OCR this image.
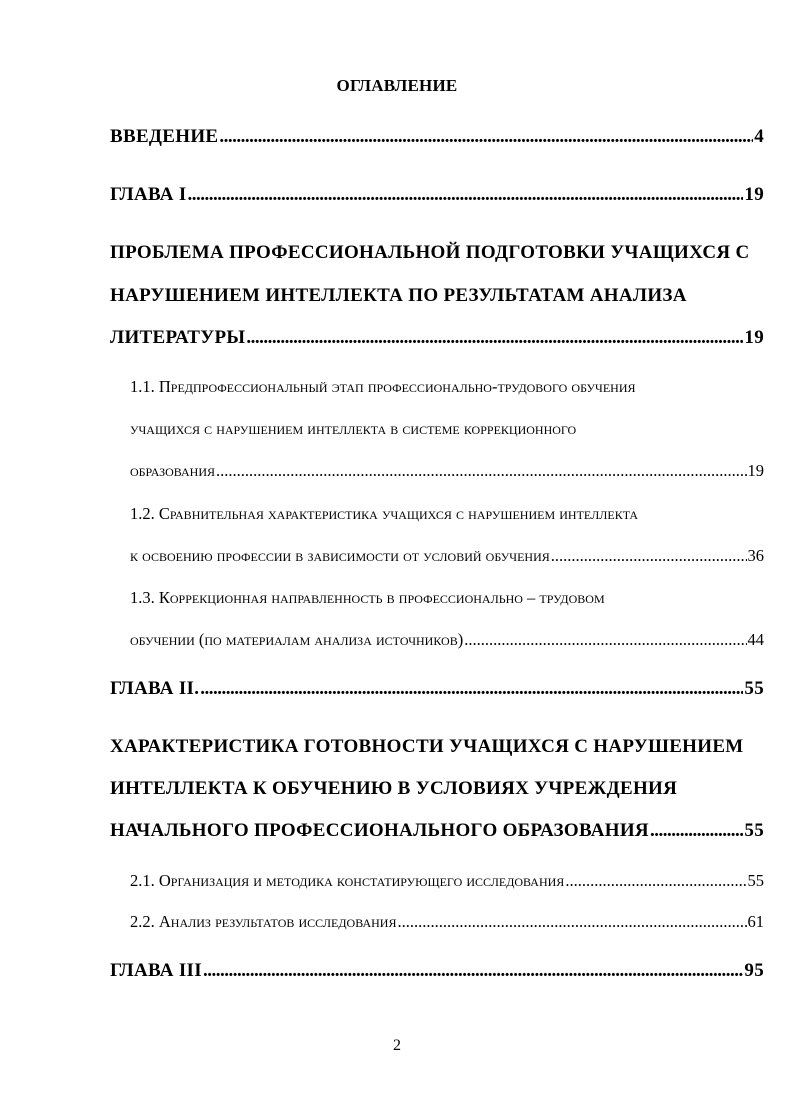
ОГЛАВЛЕНИЕ
ВВЕДЕНИЕ .....	4
ГЛАВА I .....	19
ПРОБЛЕМА ПРОФЕССИОНАЛЬНОЙ ПОДГОТОВКИ УЧАЩИХСЯ С
НАРУШЕНИЕМ ИНТЕЛЛЕКТА ПО РЕЗУЛЬТАТАМ АНАЛИЗА
ЛИТЕРАТУРЫ .....	19
1.1. Предпрофессиональный этап профессионально-трудового обучения
учащихся с нарушением интеллекта в системе коррекционного
образования .....	19
1.2. Сравнительная характеристика учащихся с нарушением интеллекта
к освоению профессии в зависимости от условий обучения .....	36
1.3. Коррекционная направленность в профессионально – трудовом
обучении (по материалам анализа источников) .....	44
ГЛАВА II. .....	55
ХАРАКТЕРИСТИКА ГОТОВНОСТИ УЧАЩИХСЯ С НАРУШЕНИЕМ
ИНТЕЛЛЕКТА К ОБУЧЕНИЮ В УСЛОВИЯХ УЧРЕЖДЕНИЯ
НАЧАЛЬНОГО ПРОФЕССИОНАЛЬНОГО ОБРАЗОВАНИЯ .....	55
2.1. Организация и методика констатирующего исследования .....	55
2.2. Анализ результатов исследования .....	61
ГЛАВА III .....	95
2
